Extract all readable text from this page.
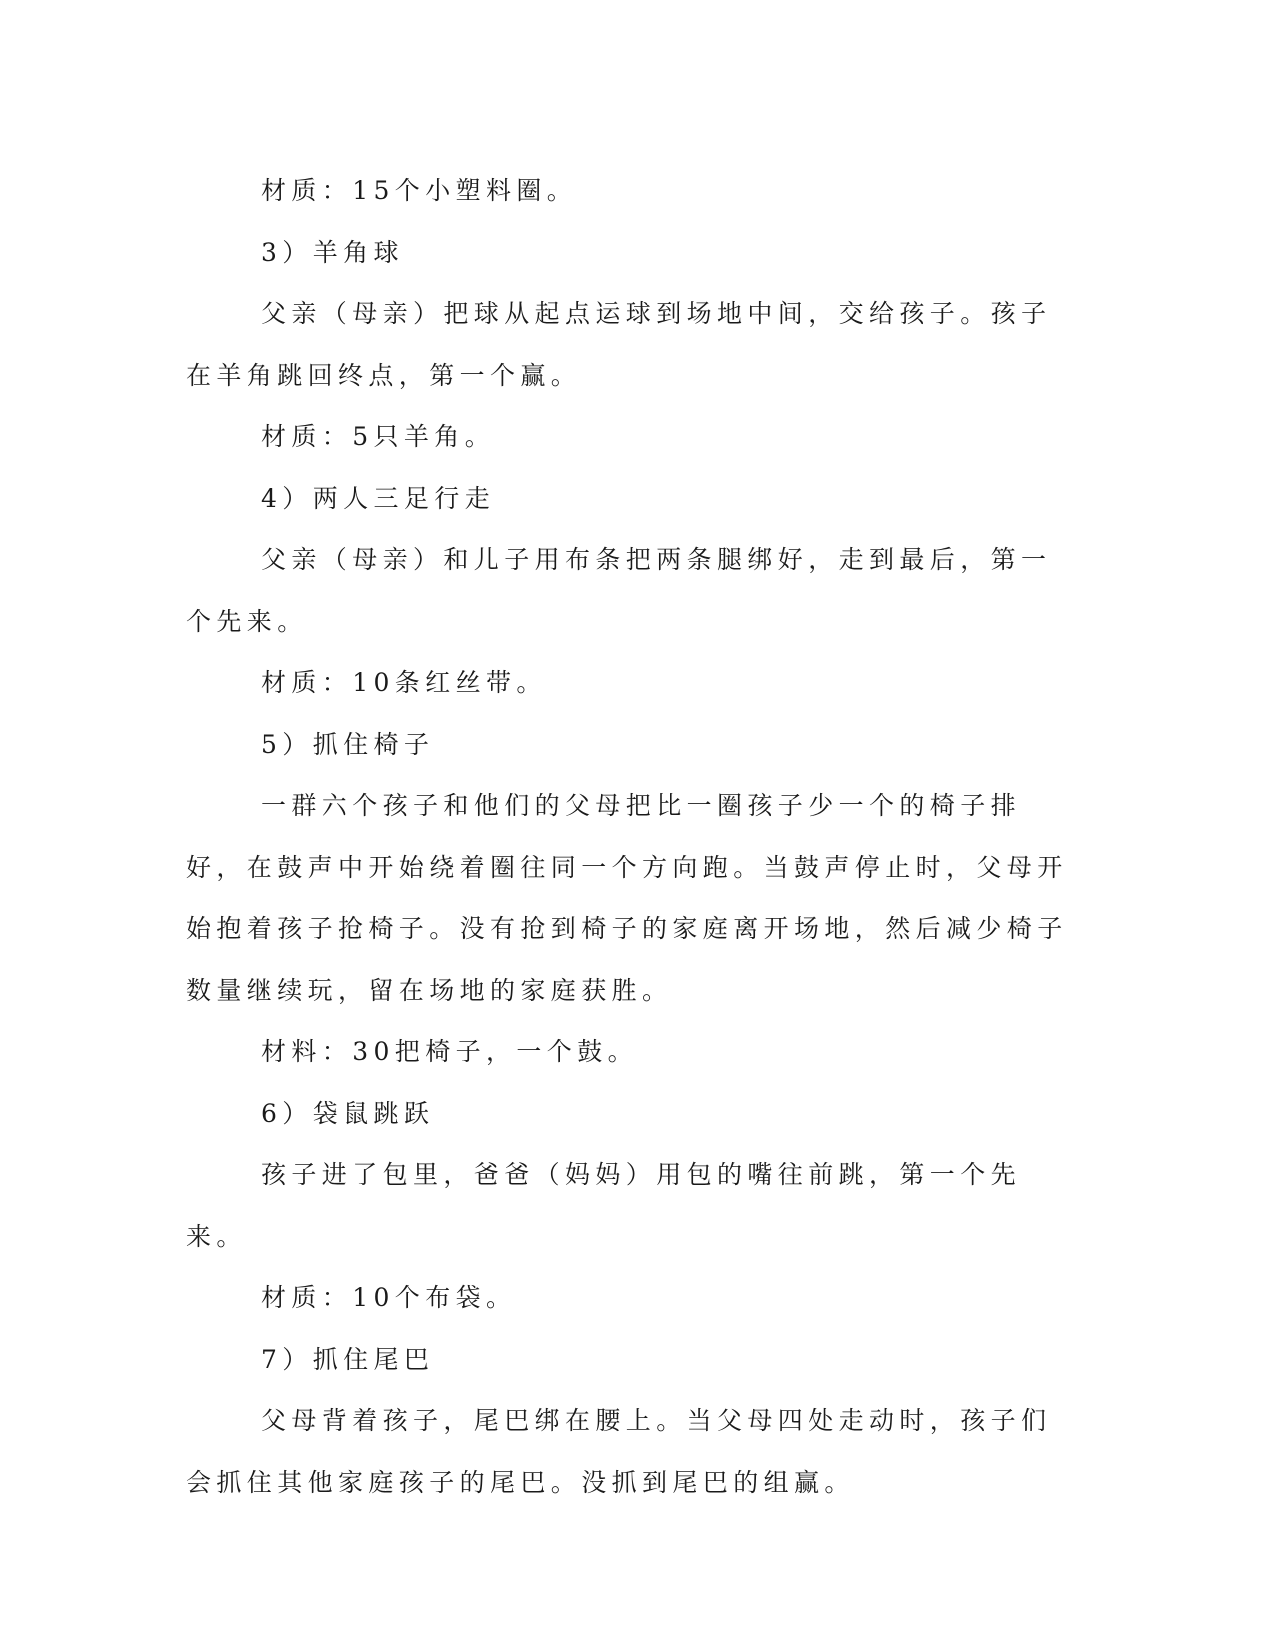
材质：15个小塑料圈。

3）羊角球

父亲（母亲）把球从起点运球到场地中间，交给孩子。孩子在羊角跳回终点，第一个赢。

材质：5只羊角。

4）两人三足行走

父亲（母亲）和儿子用布条把两条腿绑好，走到最后，第一个先来。

材质：10条红丝带。

5）抓住椅子

一群六个孩子和他们的父母把比一圈孩子少一个的椅子排好，在鼓声中开始绕着圈往同一个方向跑。当鼓声停止时，父母开始抱着孩子抢椅子。没有抢到椅子的家庭离开场地，然后减少椅子数量继续玩，留在场地的家庭获胜。

材料：30把椅子，一个鼓。

6）袋鼠跳跃

孩子进了包里，爸爸（妈妈）用包的嘴往前跳，第一个先来。

材质：10个布袋。

7）抓住尾巴

父母背着孩子，尾巴绑在腰上。当父母四处走动时，孩子们会抓住其他家庭孩子的尾巴。没抓到尾巴的组赢。
